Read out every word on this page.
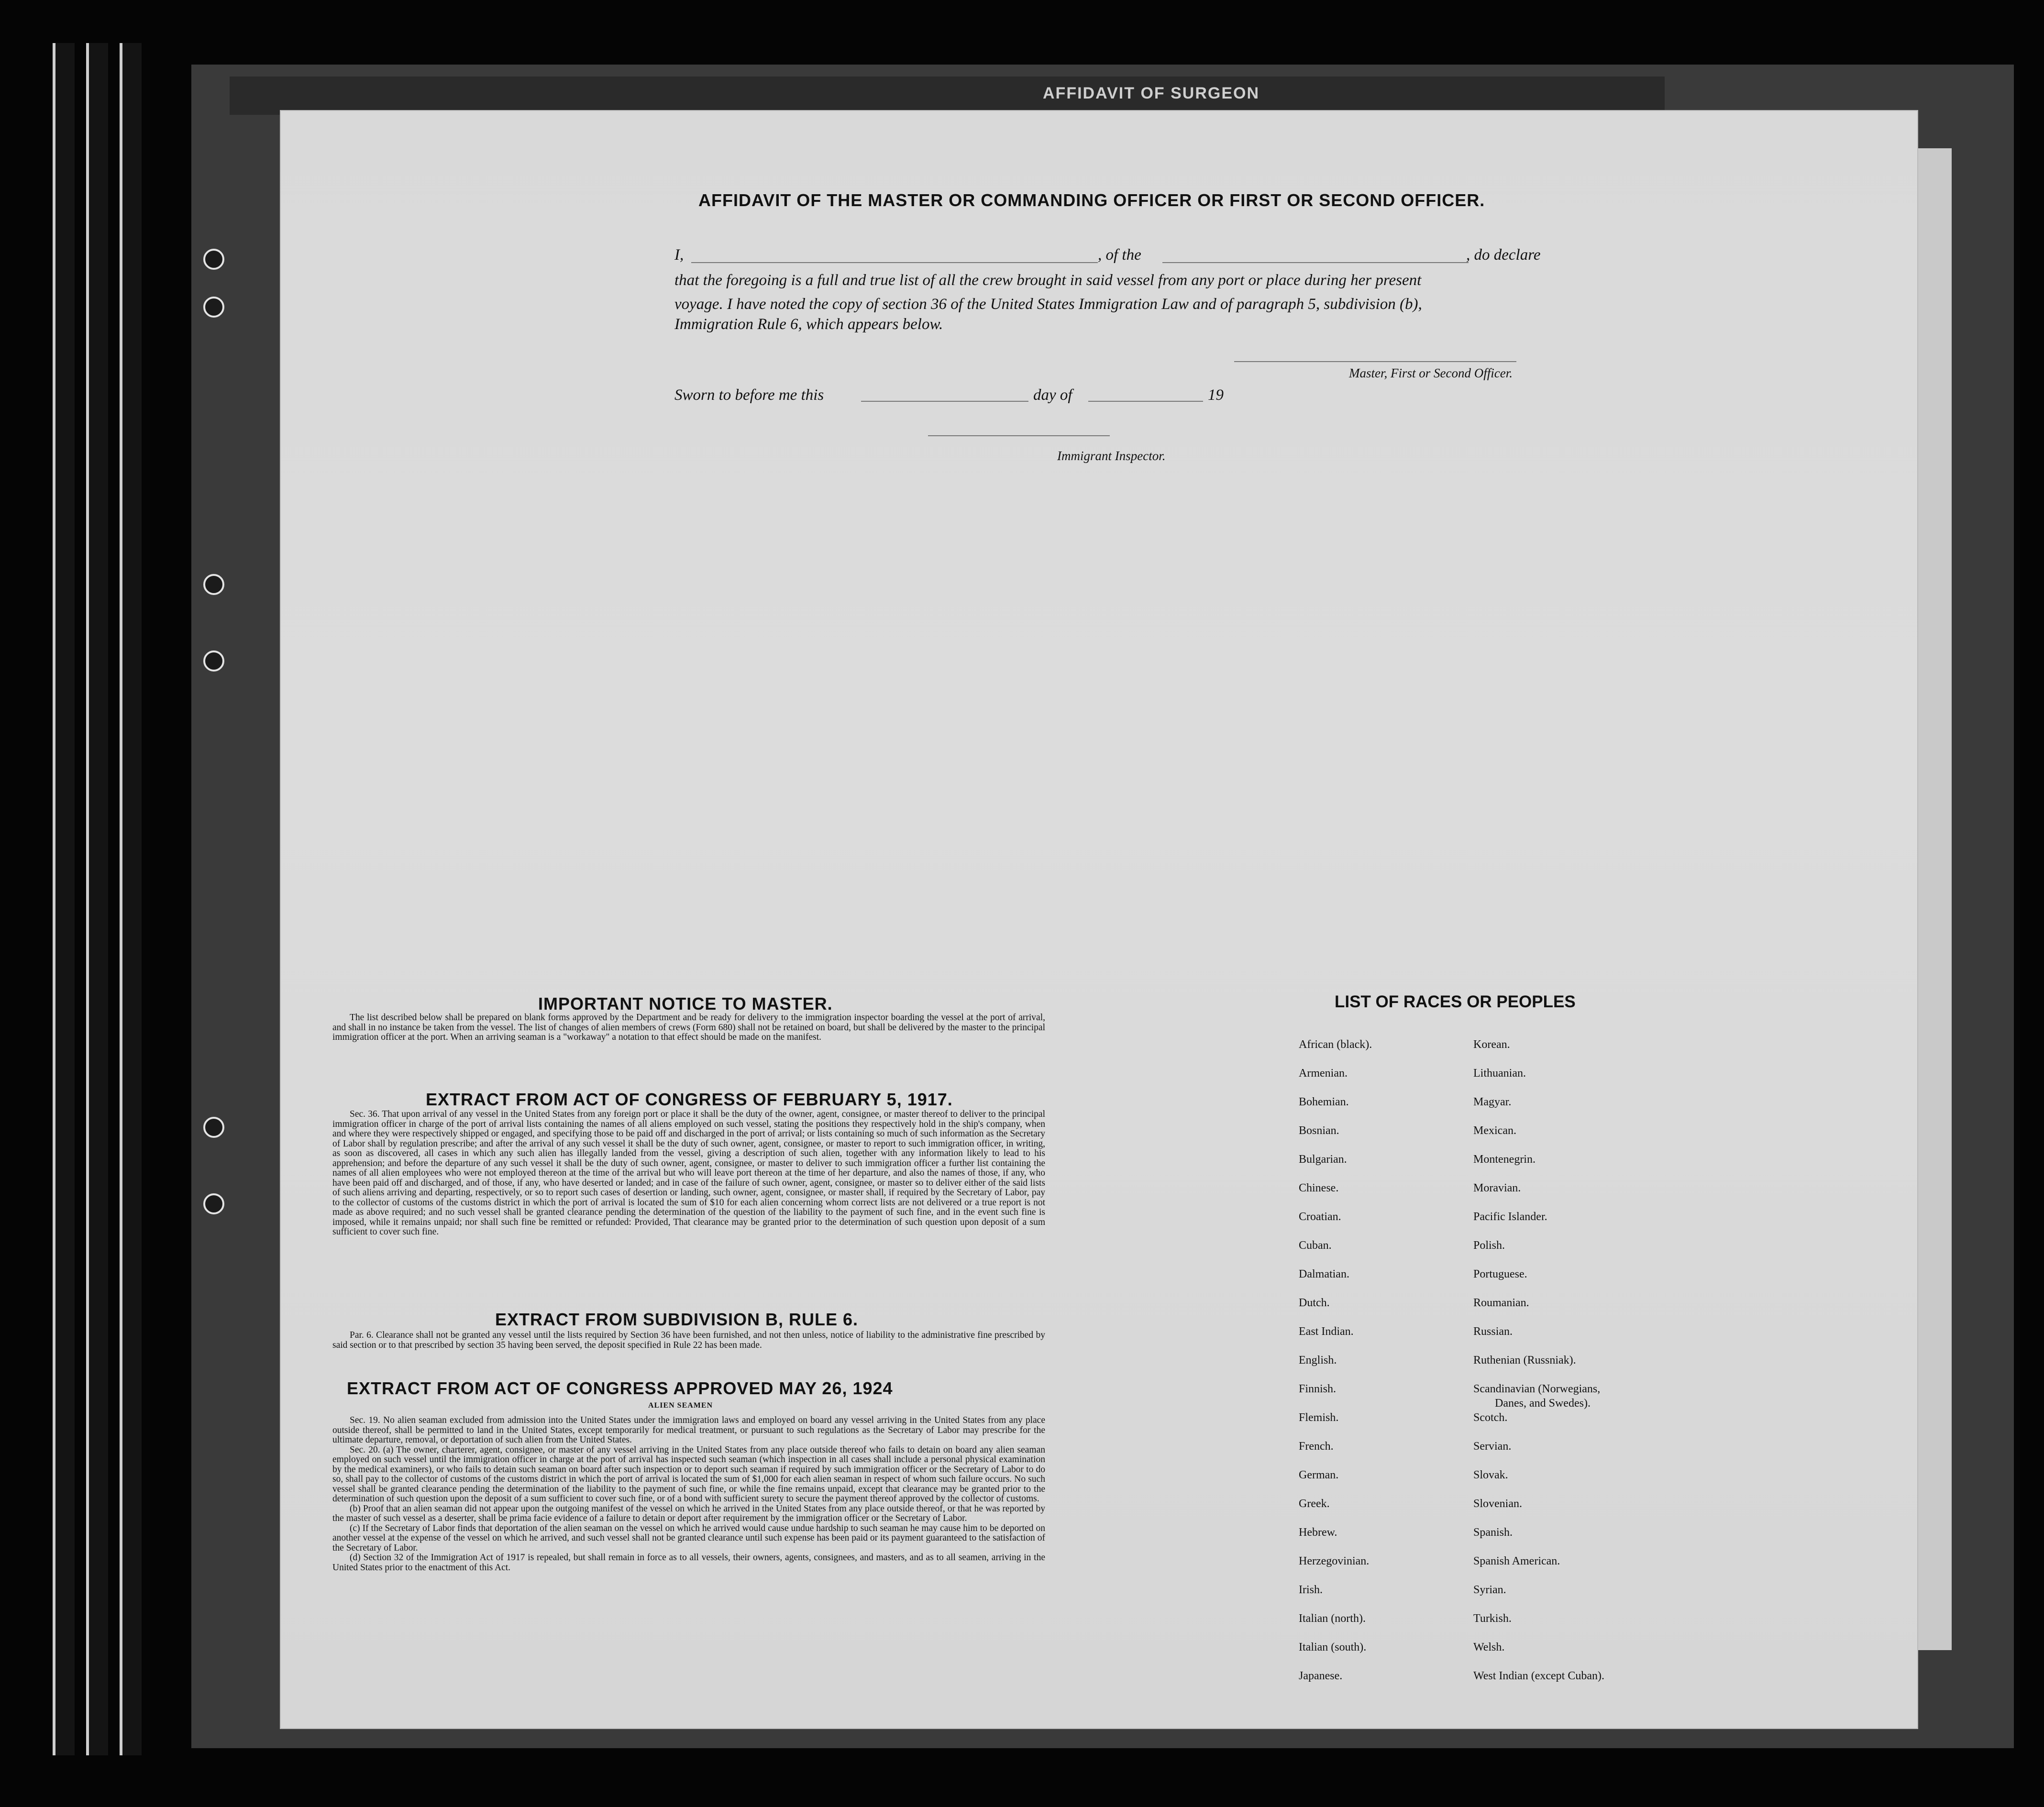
AFFIDAVIT OF SURGEON
AFFIDAVIT OF THE MASTER OR COMMANDING OFFICER OR FIRST OR SECOND OFFICER.
I,	, of the	, do declare
that the foregoing is a full and true list of all the crew brought in said vessel from any port or place during her present
voyage. I have noted the copy of section 36 of the United States Immigration Law and of paragraph 5, subdivision (b),
Immigration Rule 6, which appears below.
Master, First or Second Officer.
Sworn to before me this	day of	19
Immigrant Inspector.
IMPORTANT NOTICE TO MASTER.

The list described below shall be prepared on blank forms approved by the Department and be ready for delivery to the immigration inspector boarding the vessel at the port of arrival, and shall in no instance be taken from the vessel. The list of changes of alien members of crews (Form 680) shall not be retained on board, but shall be delivered by the master to the principal immigration officer at the port. When an arriving seaman is a "workaway" a notation to that effect should be made on the manifest.

EXTRACT FROM ACT OF CONGRESS OF FEBRUARY 5, 1917.

Sec. 36. That upon arrival of any vessel in the United States from any foreign port or place it shall be the duty of the owner, agent, consignee, or master thereof to deliver to the principal immigration officer in charge of the port of arrival lists containing the names of all aliens employed on such vessel, stating the positions they respectively hold in the ship's company, when and where they were respectively shipped or engaged, and specifying those to be paid off and discharged in the port of arrival; or lists containing so much of such information as the Secretary of Labor shall by regulation prescribe; and after the arrival of any such vessel it shall be the duty of such owner, agent, consignee, or master to report to such immigration officer, in writing, as soon as discovered, all cases in which any such alien has illegally landed from the vessel, giving a description of such alien, together with any information likely to lead to his apprehension; and before the departure of any such vessel it shall be the duty of such owner, agent, consignee, or master to deliver to such immigration officer a further list containing the names of all alien employees who were not employed thereon at the time of the arrival but who will leave port thereon at the time of her departure, and also the names of those, if any, who have been paid off and discharged, and of those, if any, who have deserted or landed; and in case of the failure of such owner, agent, consignee, or master so to deliver either of the said lists of such aliens arriving and departing, respectively, or so to report such cases of desertion or landing, such owner, agent, consignee, or master shall, if required by the Secretary of Labor, pay to the collector of customs of the customs district in which the port of arrival is located the sum of $10 for each alien concerning whom correct lists are not delivered or a true report is not made as above required; and no such vessel shall be granted clearance pending the determination of the question of the liability to the payment of such fine, and in the event such fine is imposed, while it remains unpaid; nor shall such fine be remitted or refunded: Provided, That clearance may be granted prior to the determination of such question upon deposit of a sum sufficient to cover such fine.

EXTRACT FROM SUBDIVISION B, RULE 6.

Par. 6. Clearance shall not be granted any vessel until the lists required by Section 36 have been furnished, and not then unless, notice of liability to the administrative fine prescribed by said section or to that prescribed by section 35 having been served, the deposit specified in Rule 22 has been made.

EXTRACT FROM ACT OF CONGRESS APPROVED MAY 26, 1924
ALIEN SEAMEN

Sec. 19. No alien seaman excluded from admission into the United States under the immigration laws and employed on board any vessel arriving in the United States from any place outside thereof, shall be permitted to land in the United States, except temporarily for medical treatment, or pursuant to such regulations as the Secretary of Labor may prescribe for the ultimate departure, removal, or deportation of such alien from the United States.

Sec. 20. (a) The owner, charterer, agent, consignee, or master of any vessel arriving in the United States from any place outside thereof who fails to detain on board any alien seaman employed on such vessel until the immigration officer in charge at the port of arrival has inspected such seaman (which inspection in all cases shall include a personal physical examination by the medical examiners), or who fails to detain such seaman on board after such inspection or to deport such seaman if required by such immigration officer or the Secretary of Labor to do so, shall pay to the collector of customs of the customs district in which the port of arrival is located the sum of $1,000 for each alien seaman in respect of whom such failure occurs. No such vessel shall be granted clearance pending the determination of the liability to the payment of such fine, or while the fine remains unpaid, except that clearance may be granted prior to the determination of such question upon the deposit of a sum sufficient to cover such fine, or of a bond with sufficient surety to secure the payment thereof approved by the collector of customs.

(b) Proof that an alien seaman did not appear upon the outgoing manifest of the vessel on which he arrived in the United States from any place outside thereof, or that he was reported by the master of such vessel as a deserter, shall be prima facie evidence of a failure to detain or deport after requirement by the immigration officer or the Secretary of Labor.

(c) If the Secretary of Labor finds that deportation of the alien seaman on the vessel on which he arrived would cause undue hardship to such seaman he may cause him to be deported on another vessel at the expense of the vessel on which he arrived, and such vessel shall not be granted clearance until such expense has been paid or its payment guaranteed to the satisfaction of the Secretary of Labor.

(d) Section 32 of the Immigration Act of 1917 is repealed, but shall remain in force as to all vessels, their owners, agents, consignees, and masters, and as to all seamen, arriving in the United States prior to the enactment of this Act.

LIST OF RACES OR PEOPLES
African (black).
Armenian.
Bohemian.
Bosnian.
Bulgarian.
Chinese.
Croatian.
Cuban.
Dalmatian.
Dutch.
East Indian.
English.
Finnish.
Flemish.
French.
German.
Greek.
Hebrew.
Herzegovinian.
Irish.
Italian (north).
Italian (south).
Japanese.
Korean.
Lithuanian.
Magyar.
Mexican.
Montenegrin.
Moravian.
Pacific Islander.
Polish.
Portuguese.
Roumanian.
Russian.
Ruthenian (Russniak).
Scandinavian (Norwegians,
Danes, and Swedes).
Scotch.
Servian.
Slovak.
Slovenian.
Spanish.
Spanish American.
Syrian.
Turkish.
Welsh.
West Indian (except Cuban).
